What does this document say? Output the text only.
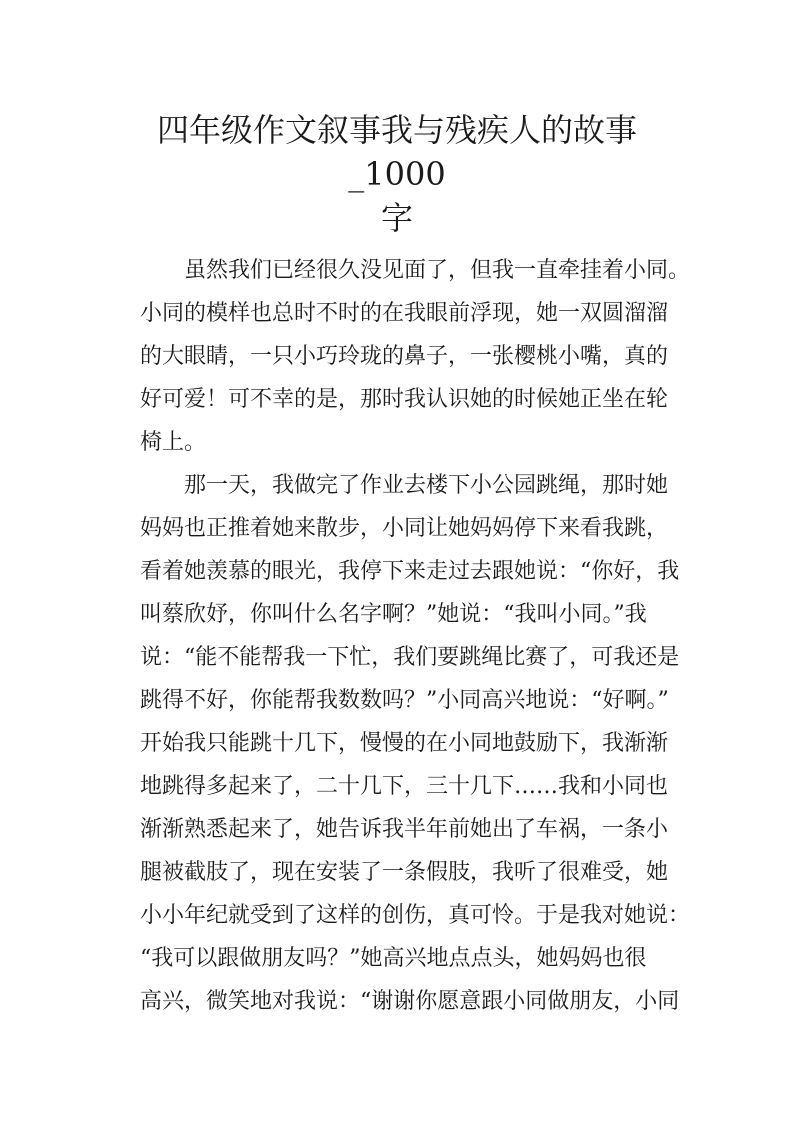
四年级作文叙事我与残疾人的故事_1000
字

虽然我们已经很久没见面了，但我一直牵挂着小同。

小同的模样也总时不时的在我眼前浮现，她一双圆溜溜

的大眼睛，一只小巧玲珑的鼻子，一张樱桃小嘴，真的

好可爱！可不幸的是，那时我认识她的时候她正坐在轮

椅上。

那一天，我做完了作业去楼下小公园跳绳，那时她

妈妈也正推着她来散步，小同让她妈妈停下来看我跳，

看着她羡慕的眼光，我停下来走过去跟她说：“你好，我

叫蔡欣妤，你叫什么名字啊？”她说：“我叫小同。”我

说：“能不能帮我一下忙，我们要跳绳比赛了，可我还是

跳得不好，你能帮我数数吗？”小同高兴地说：“好啊。”

开始我只能跳十几下，慢慢的在小同地鼓励下，我渐渐

地跳得多起来了，二十几下，三十几下……我和小同也

渐渐熟悉起来了，她告诉我半年前她出了车祸，一条小

腿被截肢了，现在安装了一条假肢，我听了很难受，她

小小年纪就受到了这样的创伤，真可怜。于是我对她说：

“我可以跟做朋友吗？”她高兴地点点头，她妈妈也很

高兴，微笑地对我说：“谢谢你愿意跟小同做朋友，小同
